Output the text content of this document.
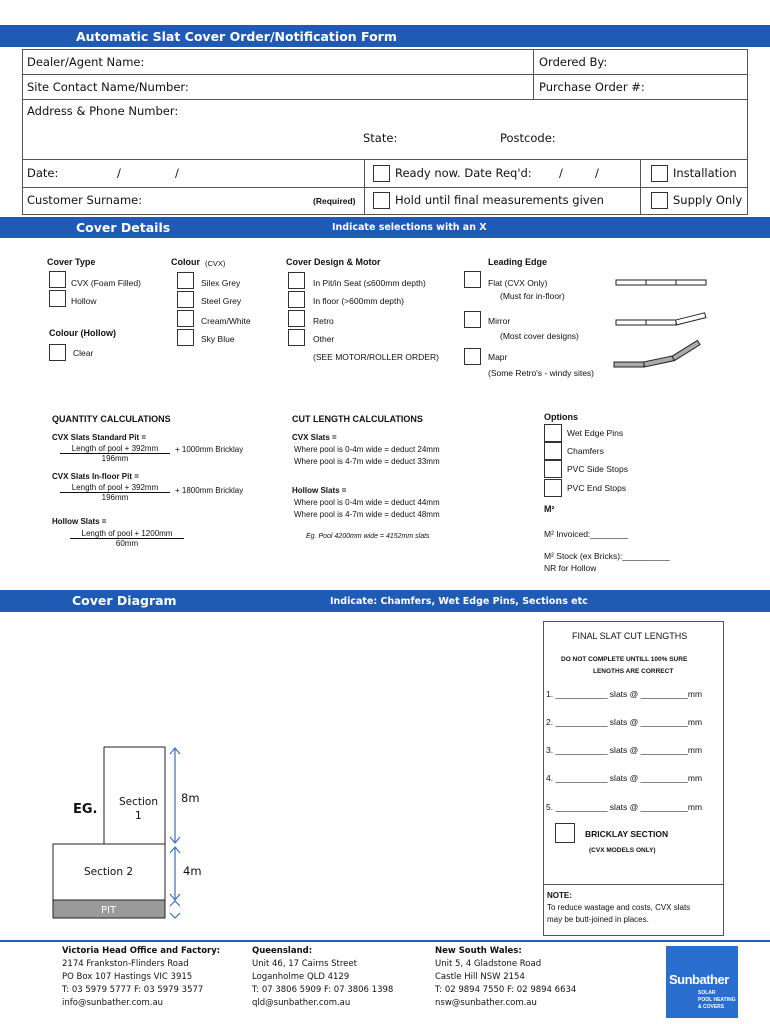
Automatic Slat Cover Order/Notification Form
Dealer/Agent Name:	Ordered By:
Site Contact Name/Number:	Purchase Order #:
Address & Phone Number:
State:	Postcode:
Date:	/	/	Ready now. Date Req'd: /	/	Installation
Customer Surname:	(Required)	Hold until final measurements given	Supply Only
Cover Details	Indicate selections with an X
Cover Type
CVX (Foam Filled)
Hollow
Colour (Hollow)
Clear
Colour (CVX)
Silex Grey
Steel Grey
Cream/White
Sky Blue
Cover Design & Motor
In Pit/in Seat (≤600mm depth)
In floor (>600mm depth)
Retro
Other
(SEE MOTOR/ROLLER ORDER)
Leading Edge
Flat (CVX Only)
(Must for in-floor)
Mirror
(Most cover designs)
Mapr
(Some Retro's - windy sites)
QUANTITY CALCULATIONS
CVX Slats Standard Pit =
Length of pool + 392mm
196mm
+ 1000mm Bricklay
CVX Slats In-floor Pit =
Length of pool + 392mm
196mm
+ 1800mm Bricklay
Hollow Slats =
Length of pool + 1200mm
60mm
CUT LENGTH CALCULATIONS
CVX Slats =
Where pool is 0-4m wide = deduct 24mm
Where pool is 4-7m wide = deduct 33mm
Hollow Slats =
Where pool is 0-4m wide = deduct 44mm
Where pool is 4-7m wide = deduct 48mm
Eg. Pool 4200mm wide = 4152mm slats
Options
Wet Edge Pins
Chamfers
PVC Side Stops
PVC End Stops
M²
M² Invoiced:________
M² Stock (ex Bricks):__________
NR for Hollow
Cover Diagram	Indicate: Chamfers, Wet Edge Pins, Sections etc
EG. Section
1
Section 2
PIT
8m
4m
FINAL SLAT CUT LENGTHS
DO NOT COMPLETE UNTILL 100% SURE
LENGTHS ARE CORRECT
1. ___________ slats @ __________mm
2. ___________ slats @ __________mm
3. ___________ slats @ __________mm
4. ___________ slats @ __________mm
5. ___________ slats @ __________mm
BRICKLAY SECTION
(CVX MODELS ONLY)
NOTE:
To reduce wastage and costs, CVX slats
may be butt-joined in places.
Victoria Head Office and Factory:
2174 Frankston-Flinders Road
PO Box 107 Hastings VIC 3915
T: 03 5979 5777 F: 03 5979 3577
info@sunbather.com.au
Queensland:
Unit 46, 17 Cairns Street
Loganholme QLD 4129
T: 07 3806 5909 F: 07 3806 1398
qld@sunbather.com.au
New South Wales:
Unit 5, 4 Gladstone Road
Castle Hill NSW 2154
T: 02 9894 7550 F: 02 9894 6634
nsw@sunbather.com.au
Sunbather
SOLAR
POOL HEATING
& COVERS
